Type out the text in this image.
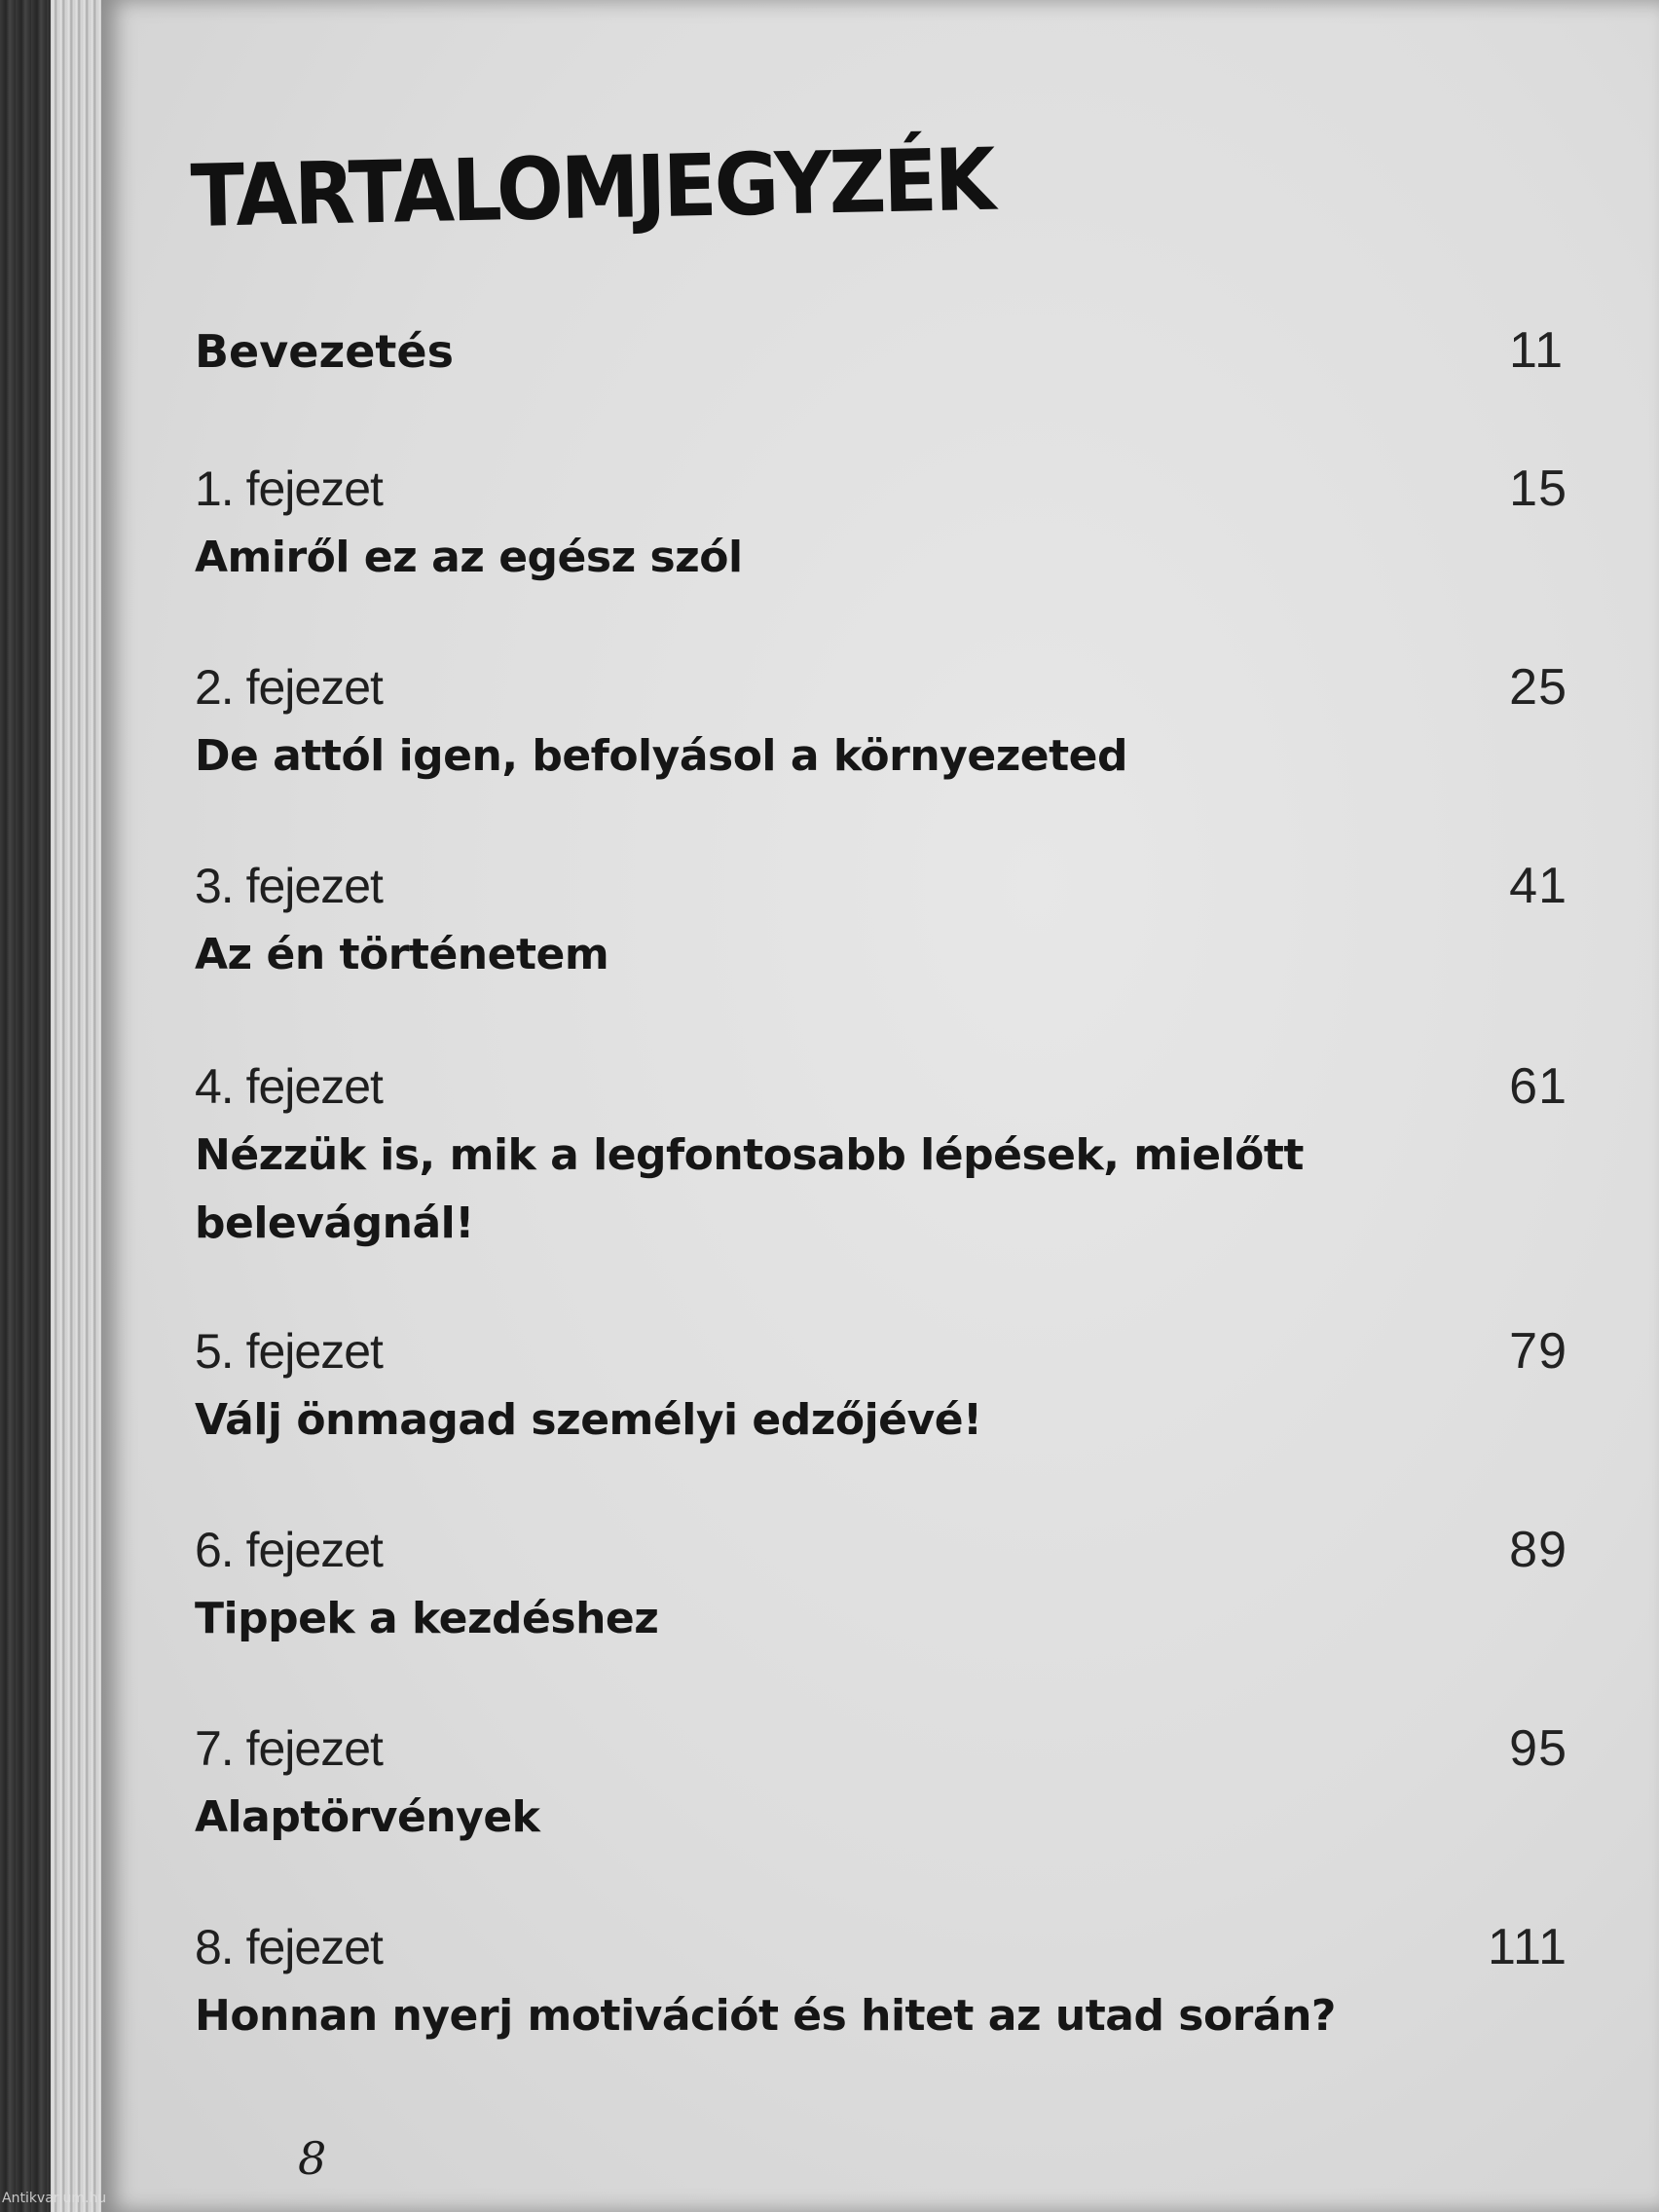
TARTALOMJEGYZÉK
Bevezetés	11
1. fejezet	15
Amiről ez az egész szól
2. fejezet	25
De attól igen, befolyásol a környezeted
3. fejezet	41
Az én történetem
4. fejezet	61
Nézzük is, mik a legfontosabb lépések, mielőtt
belevágnál!
5. fejezet	79
Válj önmagad személyi edzőjévé!
6. fejezet	89
Tippek a kezdéshez
7. fejezet	95
Alaptörvények
8. fejezet	111
Honnan nyerj motivációt és hitet az utad során?
8
Antikvarium.hu
